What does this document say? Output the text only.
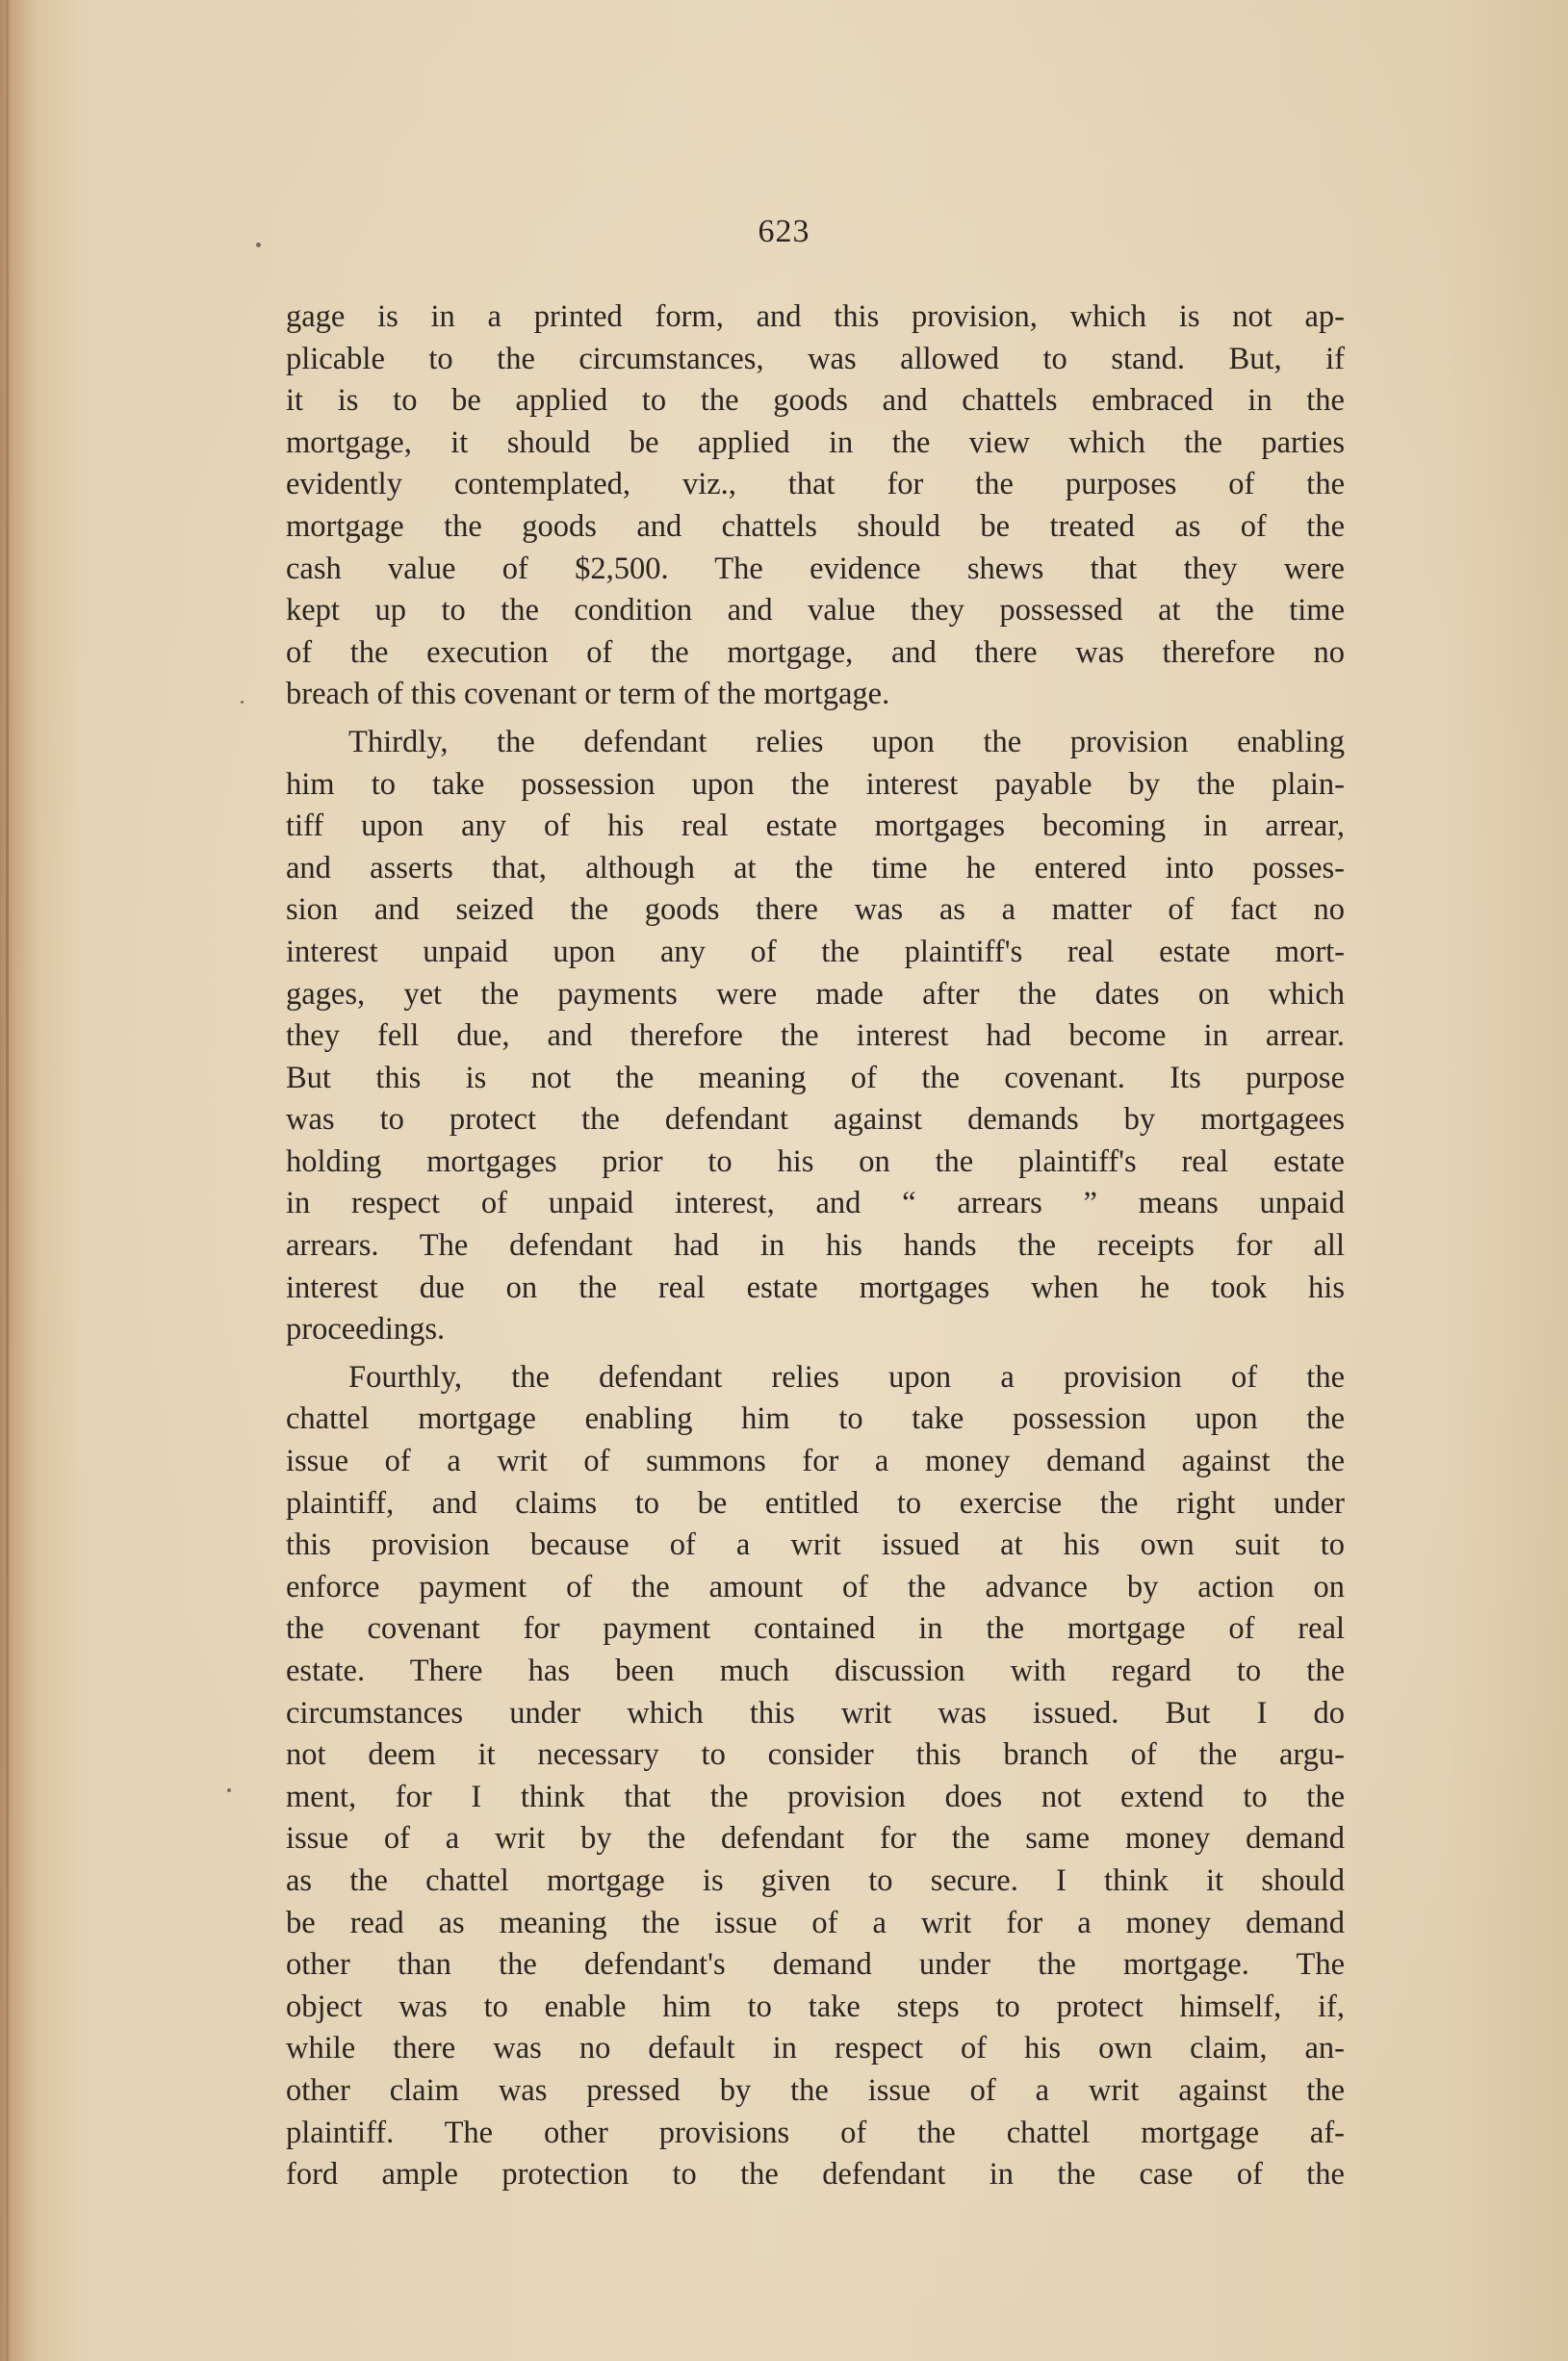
623
gage is in a printed form, and this provision, which is not ap-
plicable to the circumstances, was allowed to stand. But, if
it is to be applied to the goods and chattels embraced in the
mortgage, it should be applied in the view which the parties
evidently contemplated, viz., that for the purposes of the
mortgage the goods and chattels should be treated as of the
cash value of $2,500. The evidence shews that they were
kept up to the condition and value they possessed at the time
of the execution of the mortgage, and there was therefore no
breach of this covenant or term of the mortgage.
Thirdly, the defendant relies upon the provision enabling
him to take possession upon the interest payable by the plain-
tiff upon any of his real estate mortgages becoming in arrear,
and asserts that, although at the time he entered into posses-
sion and seized the goods there was as a matter of fact no
interest unpaid upon any of the plaintiff's real estate mort-
gages, yet the payments were made after the dates on which
they fell due, and therefore the interest had become in arrear.
But this is not the meaning of the covenant. Its purpose
was to protect the defendant against demands by mortgagees
holding mortgages prior to his on the plaintiff's real estate
in respect of unpaid interest, and “ arrears ” means unpaid
arrears. The defendant had in his hands the receipts for all
interest due on the real estate mortgages when he took his
proceedings.
Fourthly, the defendant relies upon a provision of the
chattel mortgage enabling him to take possession upon the
issue of a writ of summons for a money demand against the
plaintiff, and claims to be entitled to exercise the right under
this provision because of a writ issued at his own suit to
enforce payment of the amount of the advance by action on
the covenant for payment contained in the mortgage of real
estate. There has been much discussion with regard to the
circumstances under which this writ was issued. But I do
not deem it necessary to consider this branch of the argu-
ment, for I think that the provision does not extend to the
issue of a writ by the defendant for the same money demand
as the chattel mortgage is given to secure. I think it should
be read as meaning the issue of a writ for a money demand
other than the defendant's demand under the mortgage. The
object was to enable him to take steps to protect himself, if,
while there was no default in respect of his own claim, an-
other claim was pressed by the issue of a writ against the
plaintiff. The other provisions of the chattel mortgage af-
ford ample protection to the defendant in the case of the
